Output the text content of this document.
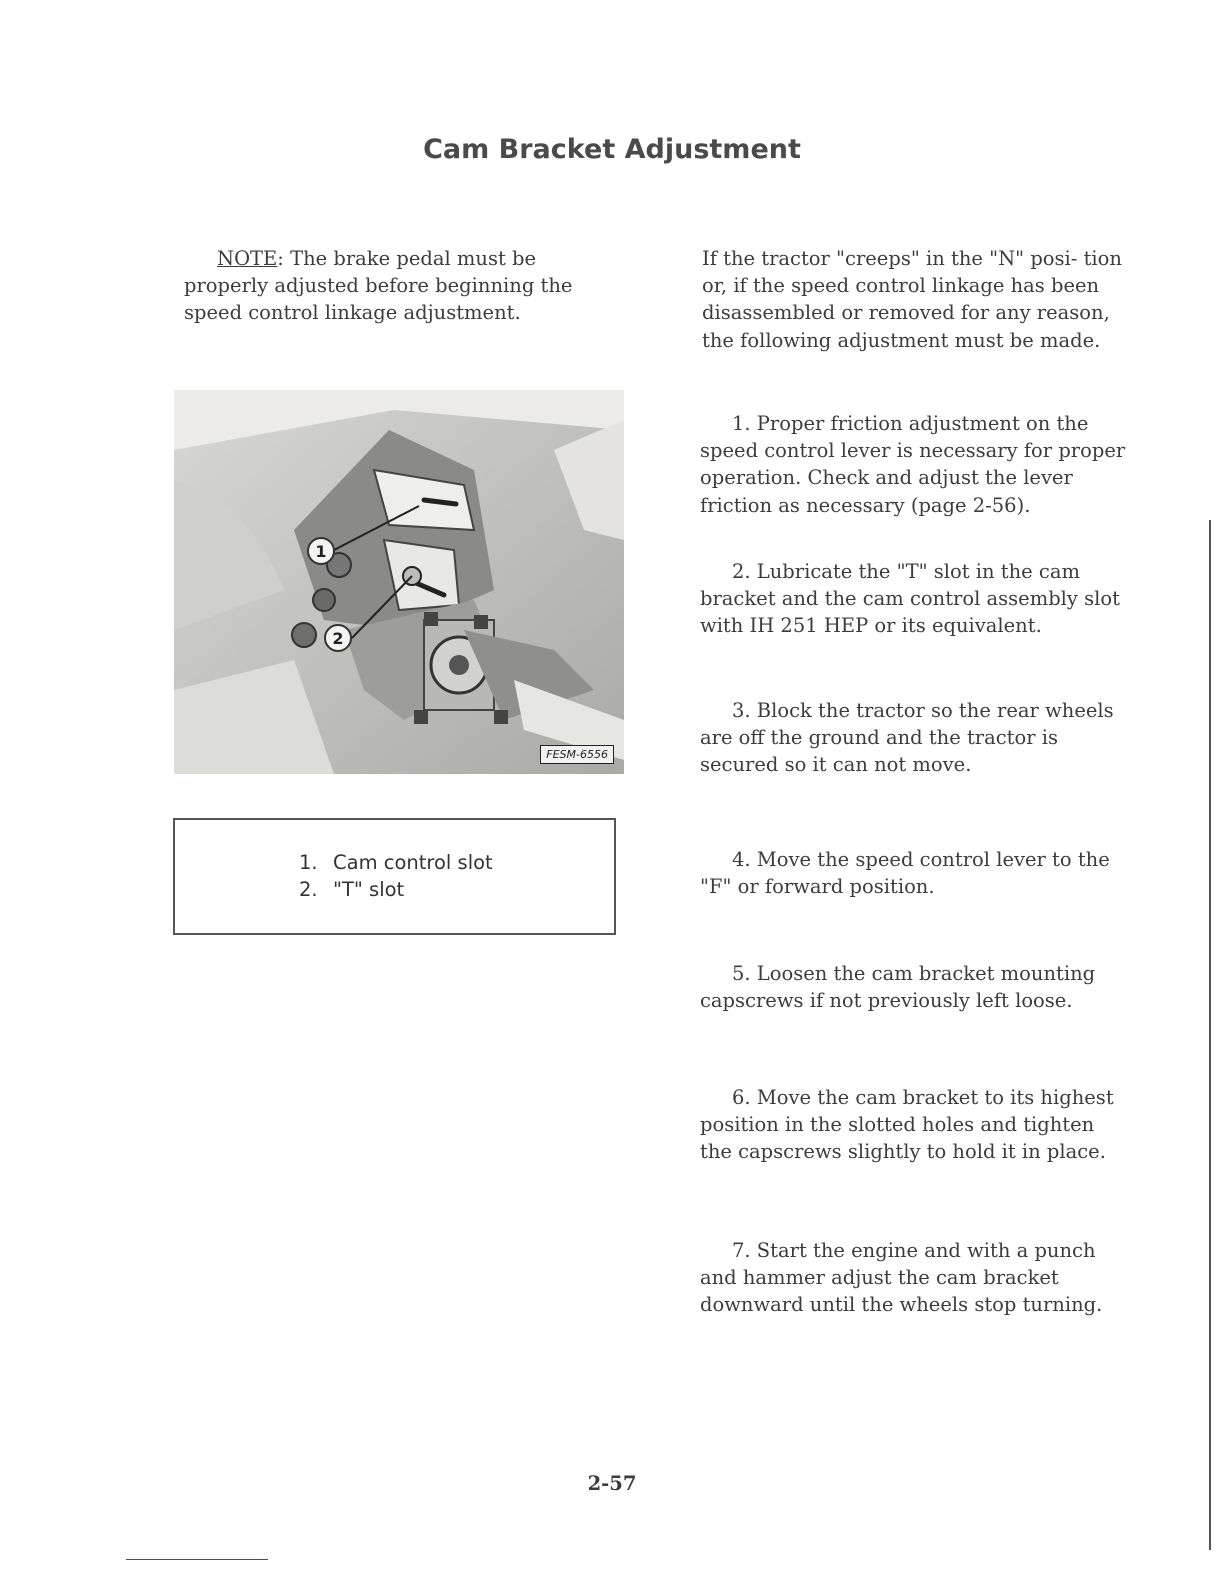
Cam Bracket Adjustment

NOTE: The brake pedal must be properly adjusted before beginning the speed control linkage adjustment.

1
2
FESM-6556
1. Cam control slot
2. "T" slot

If the tractor "creeps" in the "N" posi- tion or, if the speed control linkage has been disassembled or removed for any reason, the following adjustment must be made.

1. Proper friction adjustment on the speed control lever is necessary for proper operation. Check and adjust the lever friction as necessary (page 2-56).

2. Lubricate the "T" slot in the cam bracket and the cam control assembly slot with IH 251 HEP or its equivalent.

3. Block the tractor so the rear wheels are off the ground and the tractor is secured so it can not move.

4. Move the speed control lever to the "F" or forward position.

5. Loosen the cam bracket mounting capscrews if not previously left loose.

6. Move the cam bracket to its highest position in the slotted holes and tighten the capscrews slightly to hold it in place.

7. Start the engine and with a punch and hammer adjust the cam bracket downward until the wheels stop turning.

2-57
